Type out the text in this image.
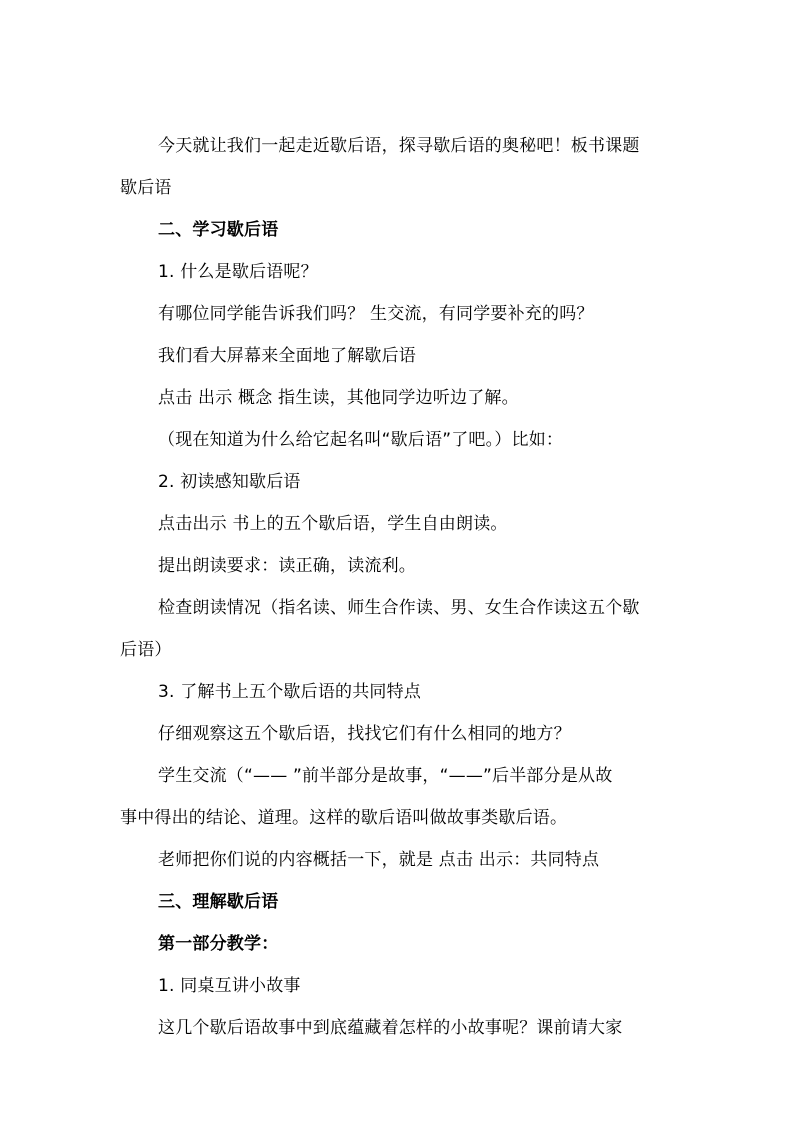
今天就让我们一起走近歇后语，探寻歇后语的奥秘吧！板书课题
歇后语
二、学习歇后语
1. 什么是歇后语呢？
有哪位同学能告诉我们吗？ 生交流，有同学要补充的吗？
我们看大屏幕来全面地了解歇后语
点击 出示 概念 指生读，其他同学边听边了解。
（现在知道为什么给它起名叫“歇后语”了吧。）比如：
2. 初读感知歇后语
点击出示 书上的五个歇后语，学生自由朗读。
提出朗读要求：读正确，读流利。
检查朗读情况（指名读、师生合作读、男、女生合作读这五个歇
后语）
3. 了解书上五个歇后语的共同特点
仔细观察这五个歇后语，找找它们有什么相同的地方？
学生交流（“—— ”前半部分是故事，“——”后半部分是从故
事中得出的结论、道理。这样的歇后语叫做故事类歇后语。
老师把你们说的内容概括一下，就是 点击 出示：共同特点
三、理解歇后语
第一部分教学：
1. 同桌互讲小故事
这几个歇后语故事中到底蕴藏着怎样的小故事呢？课前请大家
